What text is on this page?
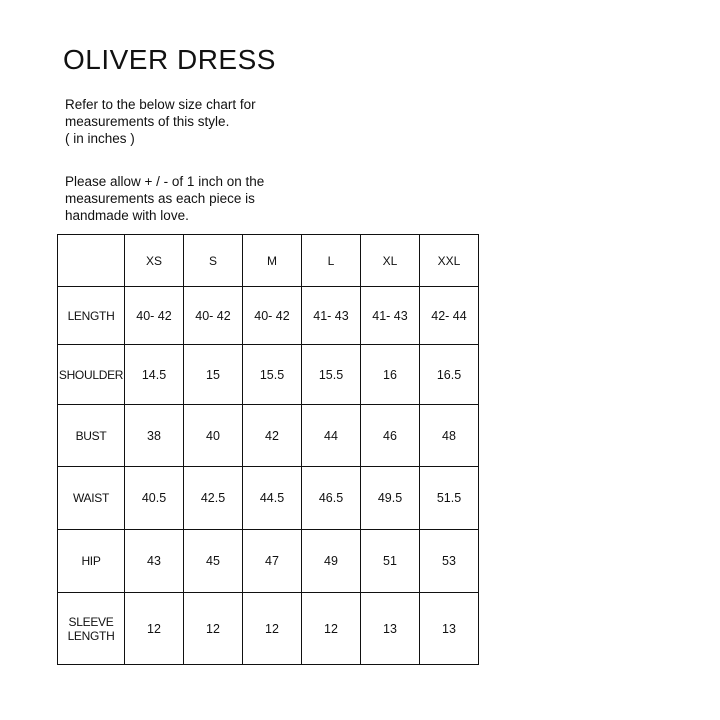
OLIVER DRESS

Refer to the below size chart for
measurements of this style.
( in inches )

Please allow + / - of 1 inch on the
measurements as each piece is
handmade with love.

	XS	S	M	L	XL	XXL
LENGTH	40- 42	40- 42	40- 42	41- 43	41- 43	42- 44
SHOULDER	14.5	15	15.5	15.5	16	16.5
BUST	38	40	42	44	46	48
WAIST	40.5	42.5	44.5	46.5	49.5	51.5
HIP	43	45	47	49	51	53

SLEEVE
LENGTH	12	12	12	12	13	13
